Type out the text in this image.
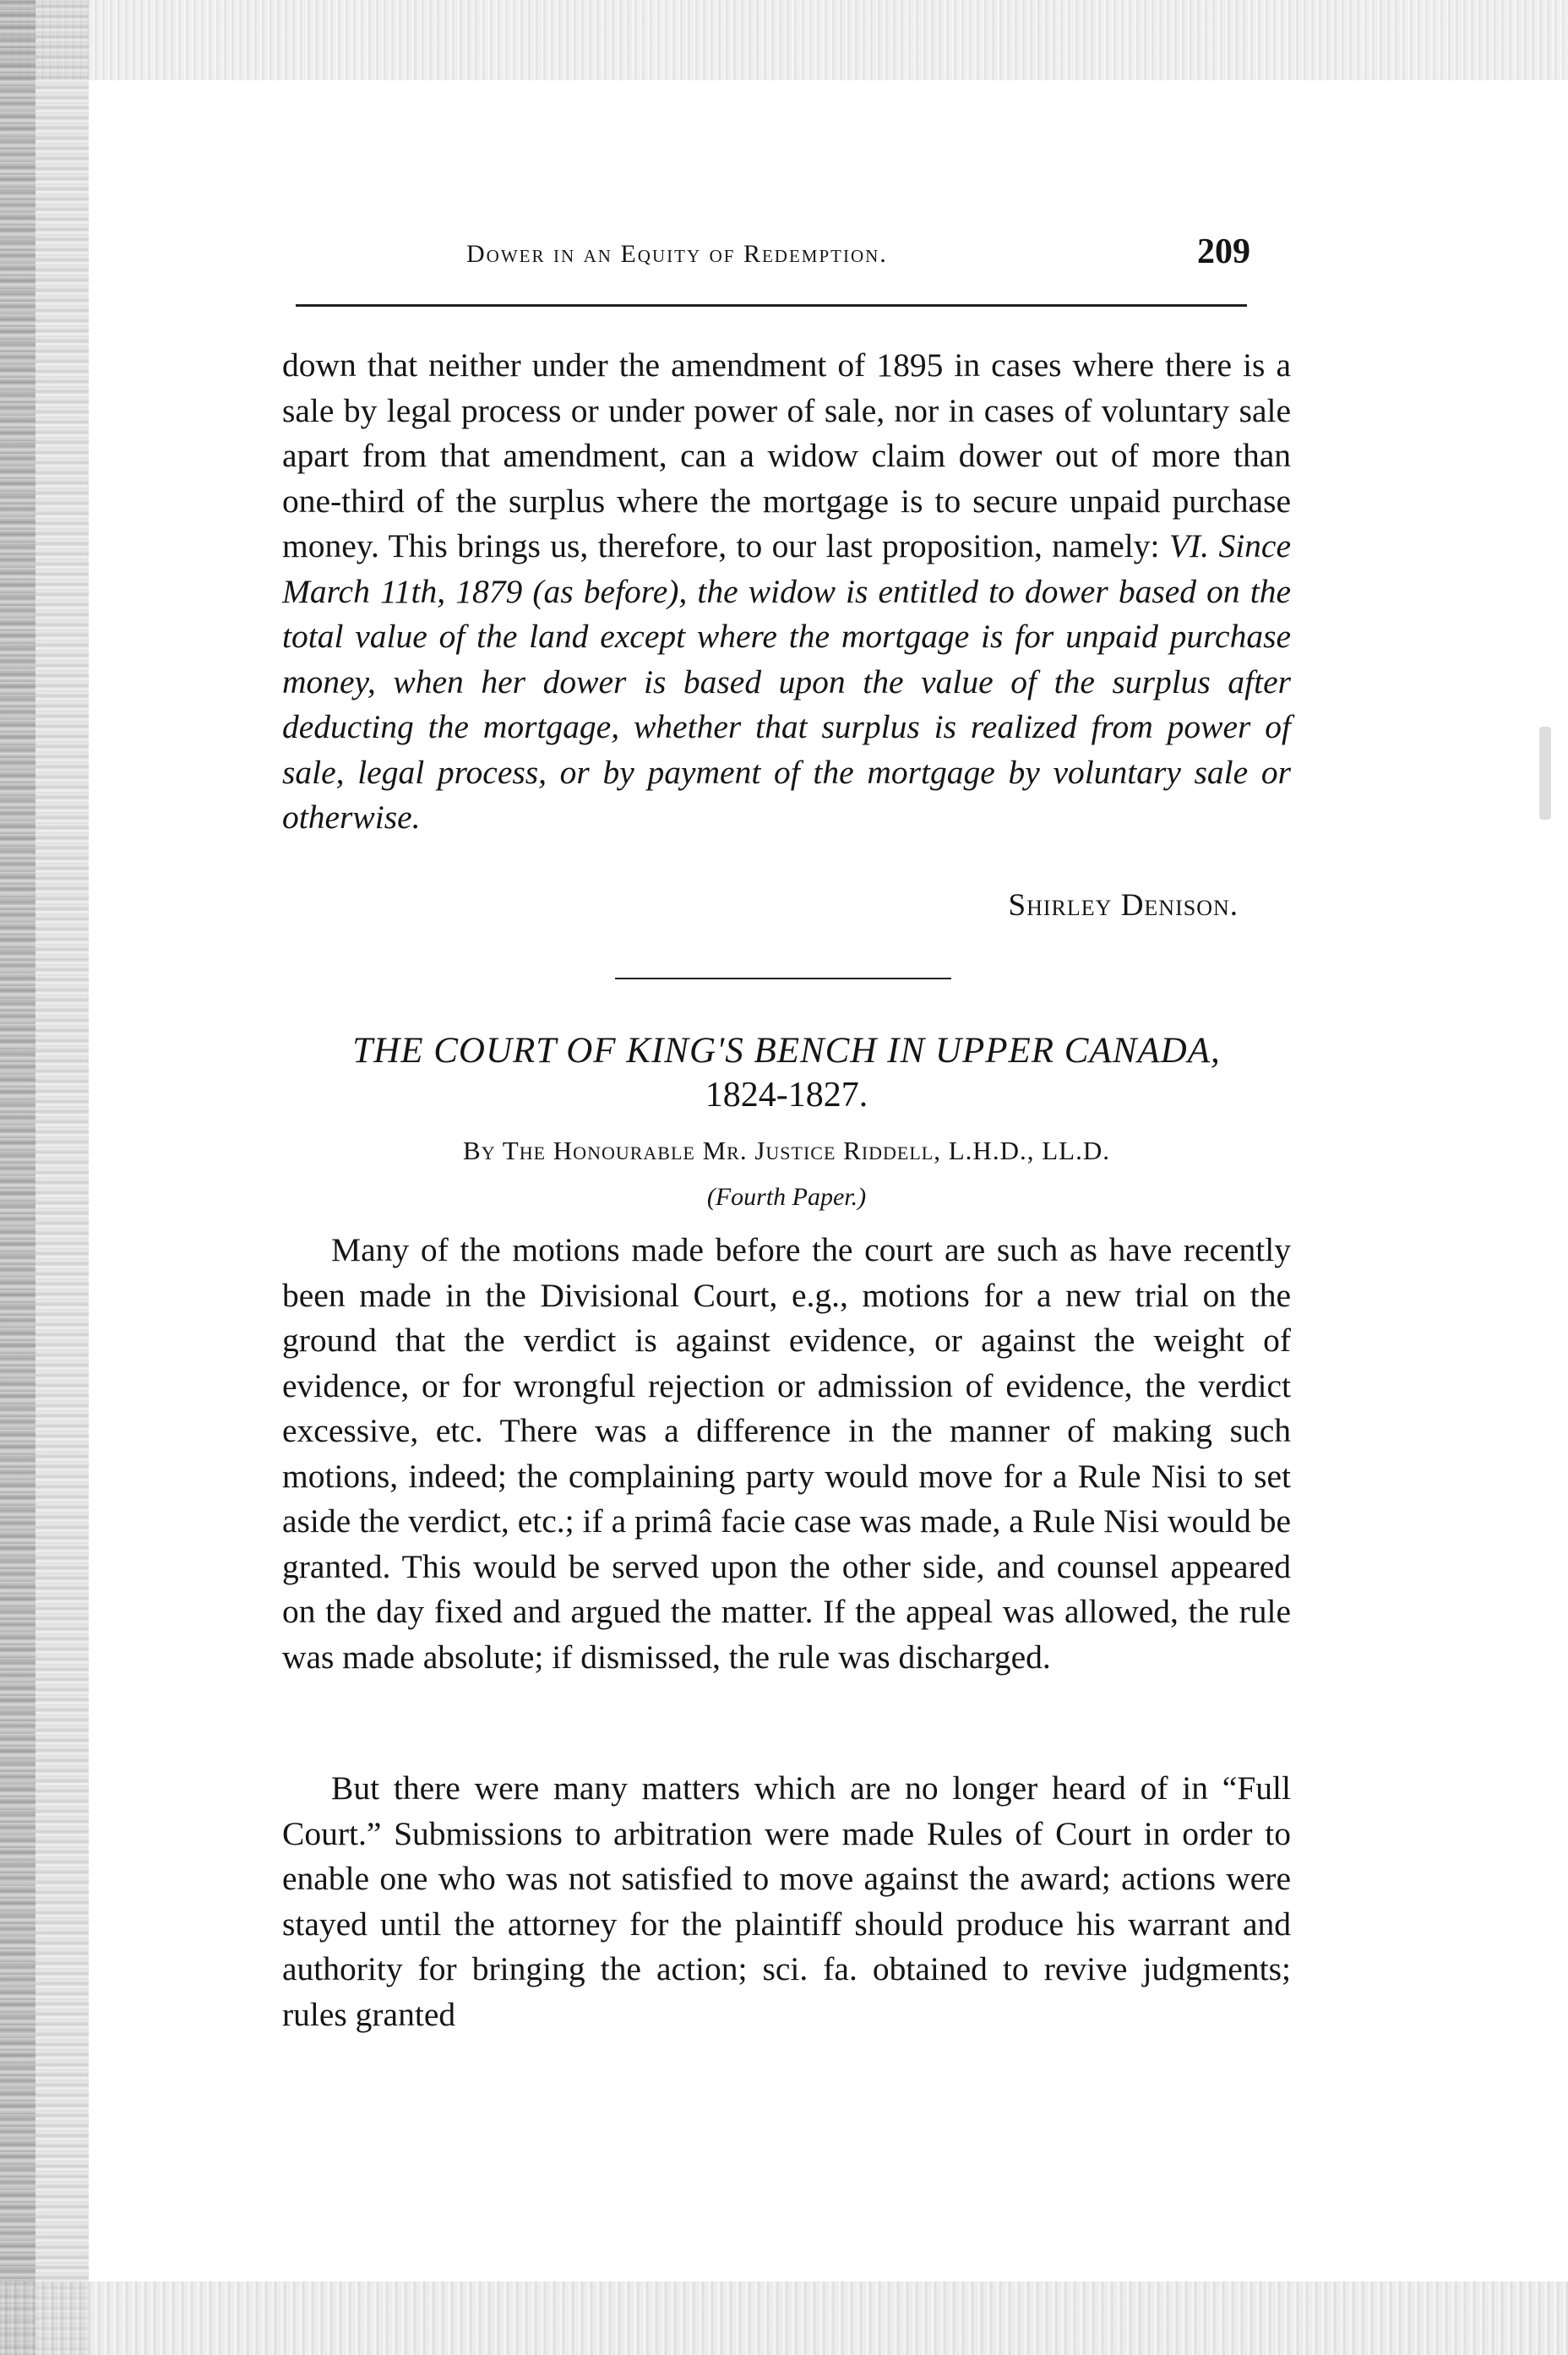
Dower in an Equity of Redemption.	209

down that neither under the amendment of 1895 in cases where there is a sale by legal process or under power of sale, nor in cases of voluntary sale apart from that amendment, can a widow claim dower out of more than one-third of the surplus where the mortgage is to secure unpaid purchase money. This brings us, therefore, to our last proposition, namely: VI. Since March 11th, 1879 (as before), the widow is entitled to dower based on the total value of the land except where the mortgage is for unpaid purchase money, when her dower is based upon the value of the surplus after deducting the mortgage, whether that surplus is realized from power of sale, legal process, or by payment of the mortgage by voluntary sale or otherwise.

Shirley Denison.
THE COURT OF KING'S BENCH IN UPPER CANADA,
1824-1827.
By The Honourable Mr. Justice Riddell, L.H.D., LL.D.
(Fourth Paper.)

Many of the motions made before the court are such as have recently been made in the Divisional Court, e.g., motions for a new trial on the ground that the verdict is against evidence, or against the weight of evidence, or for wrongful rejection or admission of evidence, the verdict excessive, etc. There was a difference in the manner of making such motions, indeed; the complaining party would move for a Rule Nisi to set aside the verdict, etc.; if a primâ facie case was made, a Rule Nisi would be granted. This would be served upon the other side, and counsel appeared on the day fixed and argued the matter. If the appeal was allowed, the rule was made absolute; if dismissed, the rule was discharged.

But there were many matters which are no longer heard of in “Full Court.” Submissions to arbitration were made Rules of Court in order to enable one who was not satisfied to move against the award; actions were stayed until the attorney for the plaintiff should produce his warrant and authority for bringing the action; sci. fa. obtained to revive judgments; rules granted
